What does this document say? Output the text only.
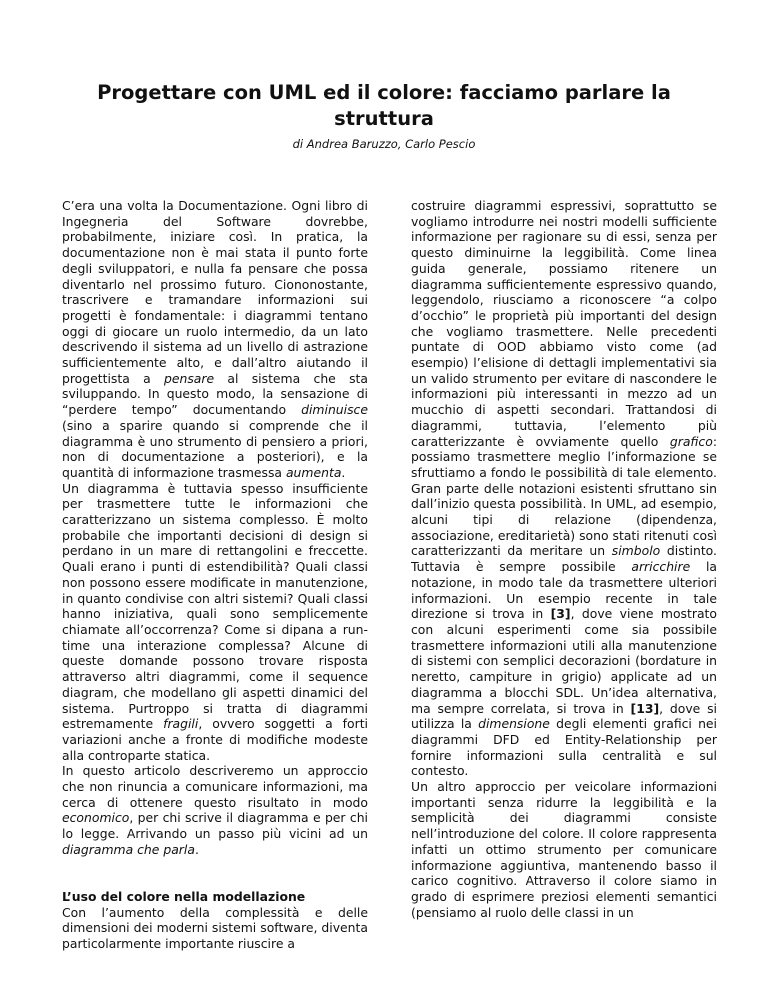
Progettare con UML ed il colore: facciamo parlare la struttura

di Andrea Baruzzo, Carlo Pescio

C’era una volta la Documentazione. Ogni libro di Ingegneria del Software dovrebbe, probabilmente, iniziare così. In pratica, la documentazione non è mai stata il punto forte degli sviluppatori, e nulla fa pensare che possa diventarlo nel prossimo futuro. Ciononostante, trascrivere e tramandare informazioni sui progetti è fondamentale: i diagrammi tentano oggi di giocare un ruolo intermedio, da un lato descrivendo il sistema ad un livello di astrazione sufficientemente alto, e dall’altro aiutando il progettista a pensare al sistema che sta sviluppando. In questo modo, la sensazione di “perdere tempo” documentando diminuisce (sino a sparire quando si comprende che il diagramma è uno strumento di pensiero a priori, non di documentazione a posteriori), e la quantità di informazione trasmessa aumenta.

Un diagramma è tuttavia spesso insufficiente per trasmettere tutte le informazioni che caratterizzano un sistema complesso. È molto probabile che importanti decisioni di design si perdano in un mare di rettangolini e freccette. Quali erano i punti di estendibilità? Quali classi non possono essere modificate in manutenzione, in quanto condivise con altri sistemi? Quali classi hanno iniziativa, quali sono semplicemente chiamate all’occorrenza? Come si dipana a run-time una interazione complessa? Alcune di queste domande possono trovare risposta attraverso altri diagrammi, come il sequence diagram, che modellano gli aspetti dinamici del sistema. Purtroppo si tratta di diagrammi estremamente fragili, ovvero soggetti a forti variazioni anche a fronte di modifiche modeste alla controparte statica.

In questo articolo descriveremo un approccio che non rinuncia a comunicare informazioni, ma cerca di ottenere questo risultato in modo economico, per chi scrive il diagramma e per chi lo legge. Arrivando un passo più vicini ad un diagramma che parla.

L’uso del colore nella modellazione

Con l’aumento della complessità e delle dimensioni dei moderni sistemi software, diventa particolarmente importante riuscire a

costruire diagrammi espressivi, soprattutto se vogliamo introdurre nei nostri modelli sufficiente informazione per ragionare su di essi, senza per questo diminuirne la leggibilità. Come linea guida generale, possiamo ritenere un diagramma sufficientemente espressivo quando, leggendolo, riusciamo a riconoscere “a colpo d’occhio” le proprietà più importanti del design che vogliamo trasmettere. Nelle precedenti puntate di OOD abbiamo visto come (ad esempio) l’elisione di dettagli implementativi sia un valido strumento per evitare di nascondere le informazioni più interessanti in mezzo ad un mucchio di aspetti secondari. Trattandosi di diagrammi, tuttavia, l’elemento più caratterizzante è ovviamente quello grafico: possiamo trasmettere meglio l’informazione se sfruttiamo a fondo le possibilità di tale elemento. Gran parte delle notazioni esistenti sfruttano sin dall’inizio questa possibilità. In UML, ad esempio, alcuni tipi di relazione (dipendenza, associazione, ereditarietà) sono stati ritenuti così caratterizzanti da meritare un simbolo distinto. Tuttavia è sempre possibile arricchire la notazione, in modo tale da trasmettere ulteriori informazioni. Un esempio recente in tale direzione si trova in [3], dove viene mostrato con alcuni esperimenti come sia possibile trasmettere informazioni utili alla manutenzione di sistemi con semplici decorazioni (bordature in neretto, campiture in grigio) applicate ad un diagramma a blocchi SDL. Un’idea alternativa, ma sempre correlata, si trova in [13], dove si utilizza la dimensione degli elementi grafici nei diagrammi DFD ed Entity-Relationship per fornire informazioni sulla centralità e sul contesto.

Un altro approccio per veicolare informazioni importanti senza ridurre la leggibilità e la semplicità dei diagrammi consiste nell’introduzione del colore. Il colore rappresenta infatti un ottimo strumento per comunicare informazione aggiuntiva, mantenendo basso il carico cognitivo. Attraverso il colore siamo in grado di esprimere preziosi elementi semantici (pensiamo al ruolo delle classi in un
